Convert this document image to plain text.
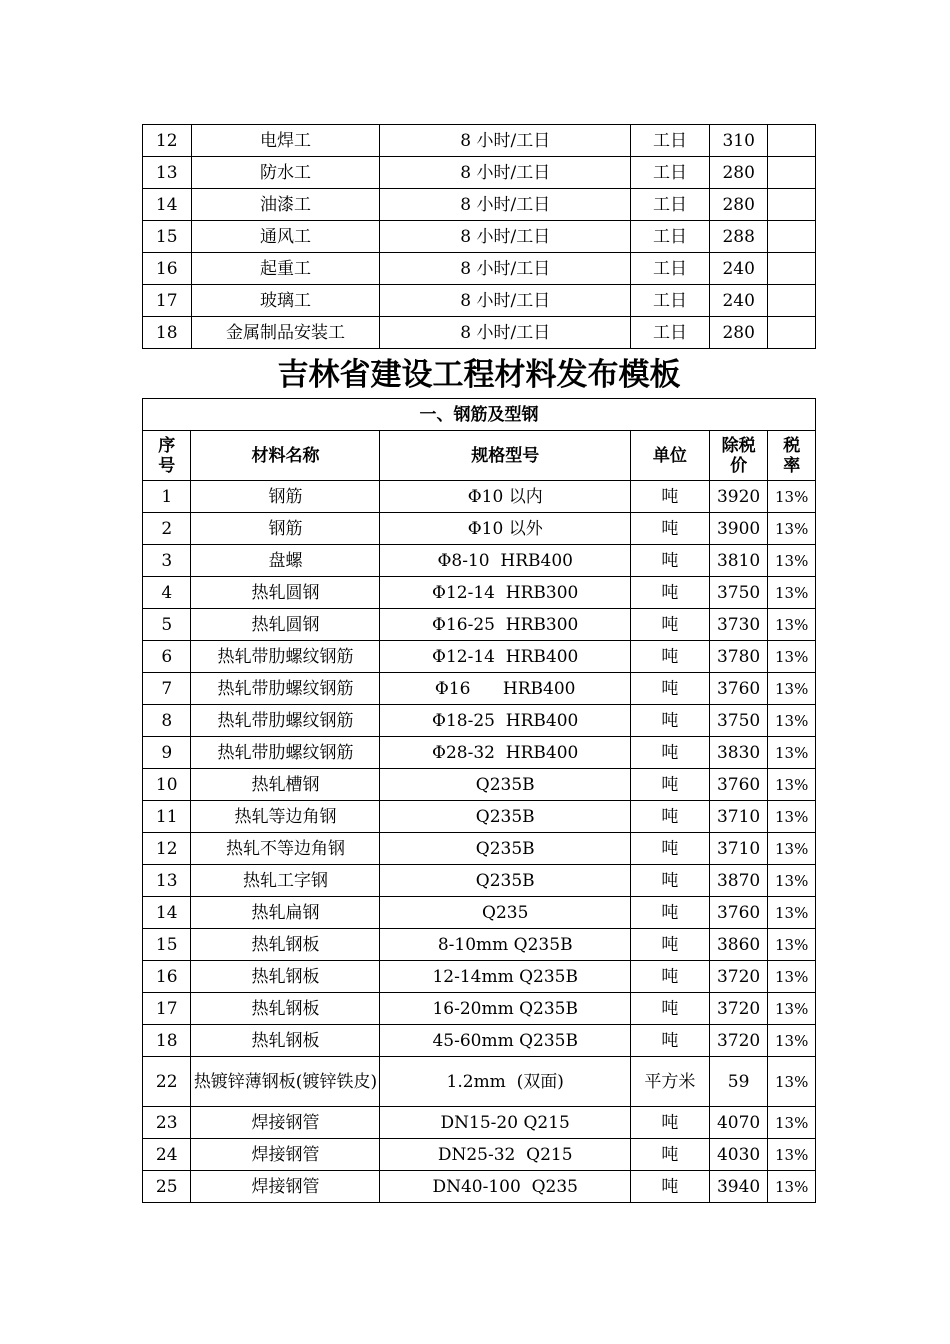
12	电焊工	8 小时/工日	工日	310	
13	防水工	8 小时/工日	工日	280	
14	油漆工	8 小时/工日	工日	280	
15	通风工	8 小时/工日	工日	288	
16	起重工	8 小时/工日	工日	240	
17	玻璃工	8 小时/工日	工日	240	
18	金属制品安装工	8 小时/工日	工日	280	
吉林省建设工程材料发布模板
一、钢筋及型钢					
序号	材料名称	规格型号	单位	除税价	税率
1	钢筋	Φ10 以内	吨	3920	13%
2	钢筋	Φ10 以外	吨	3900	13%
3	盘螺	Φ8-10  HRB400	吨	3810	13%
4	热轧圆钢	Φ12-14  HRB300	吨	3750	13%
5	热轧圆钢	Φ16-25  HRB300	吨	3730	13%
6	热轧带肋螺纹钢筋	Φ12-14  HRB400	吨	3780	13%
7	热轧带肋螺纹钢筋	Φ16      HRB400	吨	3760	13%
8	热轧带肋螺纹钢筋	Φ18-25  HRB400	吨	3750	13%
9	热轧带肋螺纹钢筋	Φ28-32  HRB400	吨	3830	13%
10	热轧槽钢	Q235B	吨	3760	13%
11	热轧等边角钢	Q235B	吨	3710	13%
12	热轧不等边角钢	Q235B	吨	3710	13%
13	热轧工字钢	Q235B	吨	3870	13%
14	热轧扁钢	Q235	吨	3760	13%
15	热轧钢板	8-10mm Q235B	吨	3860	13%
16	热轧钢板	12-14mm Q235B	吨	3720	13%
17	热轧钢板	16-20mm Q235B	吨	3720	13%
18	热轧钢板	45-60mm Q235B	吨	3720	13%
22	热镀锌薄钢板(镀锌铁皮)	1.2mm  (双面)	平方米	59	13%
23	焊接钢管	DN15-20 Q215	吨	4070	13%
24	焊接钢管	DN25-32  Q215	吨	4030	13%
25	焊接钢管	DN40-100  Q235	吨	3940	13%
